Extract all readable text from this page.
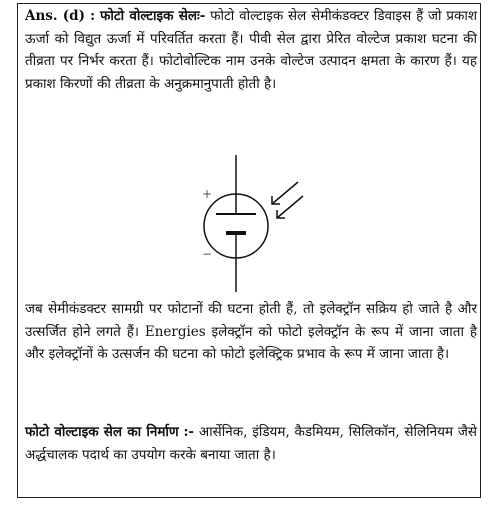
Ans. (d) : फोटो वोल्टाइक सेलः- फोटो वोल्टाइक सेल सेमीकंडक्टर डिवाइस हैं जो प्रकाश ऊर्जा को विद्युत ऊर्जा में परिवर्तित करता हैं। पीवी सेल द्वारा प्रेरित वोल्टेज प्रकाश घटना की तीव्रता पर निर्भर करता हैं। फोटोवोल्टिक नाम उनके वोल्टेज उत्पादन क्षमता के कारण हैं। यह प्रकाश किरणों की तीव्रता के अनुक्रमानुपाती होती है।
+
−
जब सेमीकंडक्टर सामग्री पर फोटानों की घटना होती हैं, तो इलेक्ट्रॉन सक्रिय हो जाते है और उत्सर्जित होने लगते हैं। Energies इलेक्ट्रॉन को फोटो इलेक्ट्रॉन के रूप में जाना जाता है और इलेक्ट्रॉनों के उत्सर्जन की घटना को फोटो इलेक्ट्रिक प्रभाव के रूप में जाना जाता है।
फोटो वोल्टाइक सेल का निर्माण :- आर्सेनिक, इंडियम, कैडमियम, सिलिकॉन, सेलिनियम जैसे अर्द्धचालक पदार्थ का उपयोग करके बनाया जाता है।
